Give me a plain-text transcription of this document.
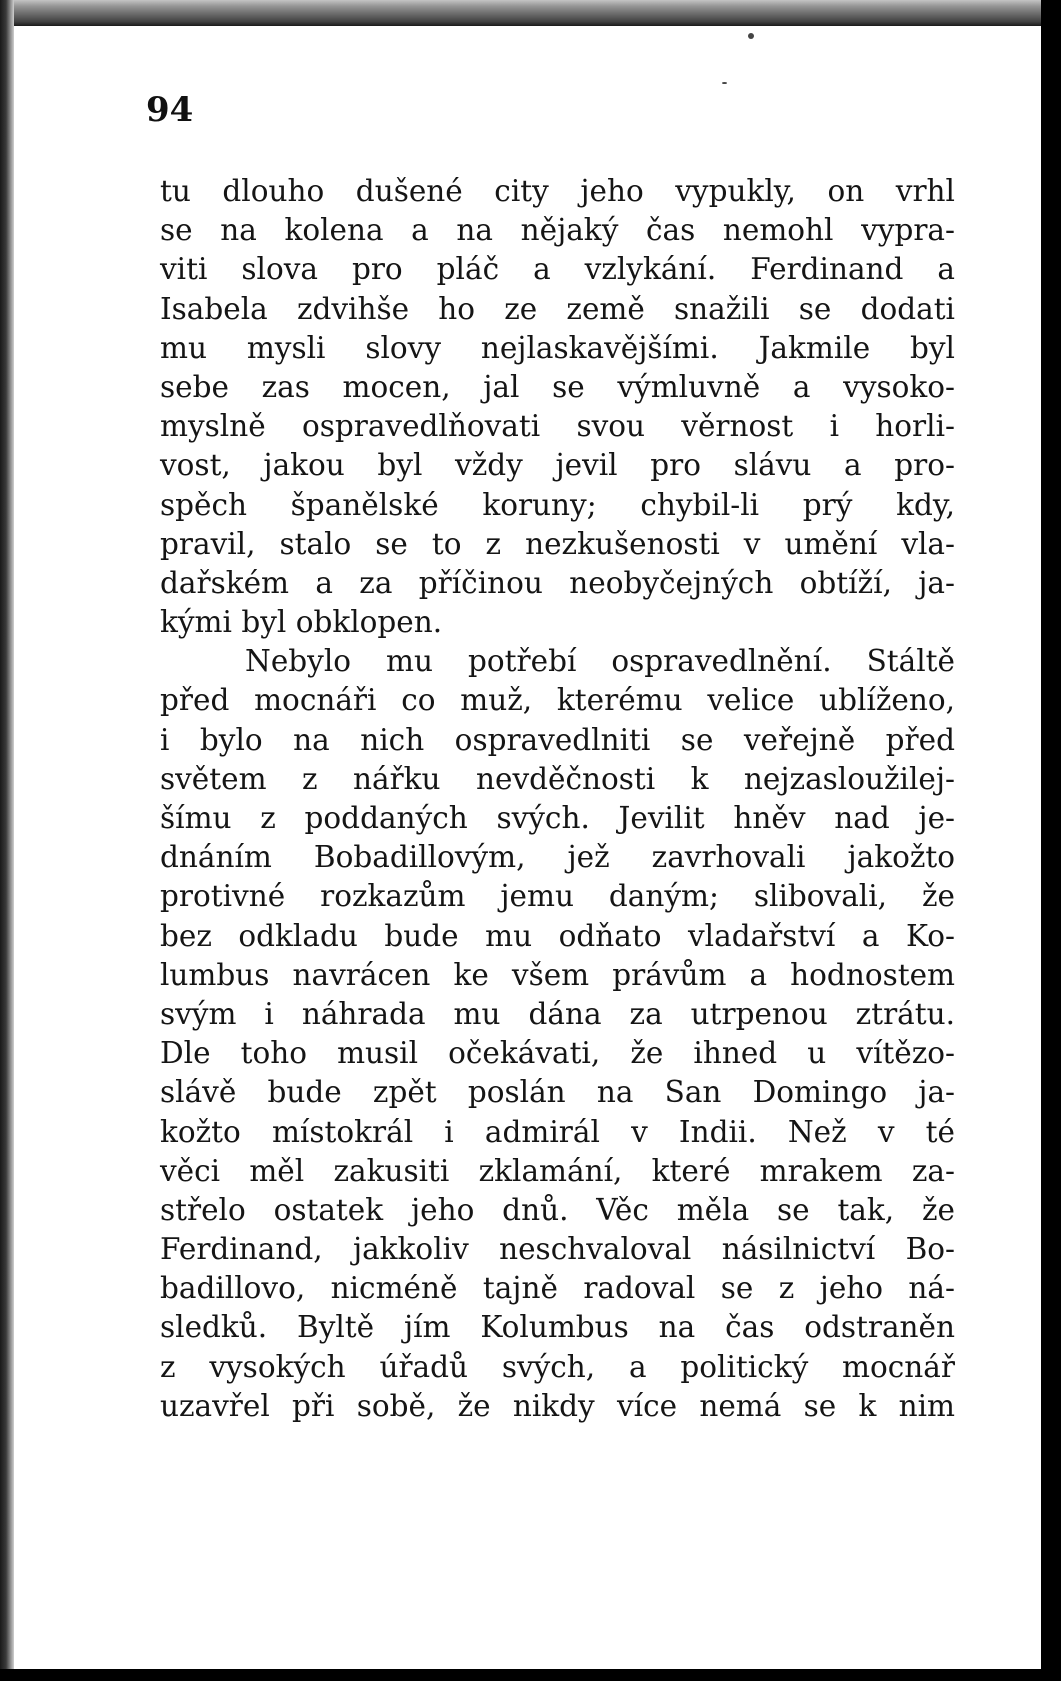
94
tu dlouho dušené city jeho vypukly, on vrhl
se na kolena a na nějaký čas nemohl vypra-
viti slova pro pláč a vzlykání. Ferdinand a
Isabela zdvihše ho ze země snažili se dodati
mu mysli slovy nejlaskavějšími. Jakmile byl
sebe zas mocen, jal se výmluvně a vysoko-
myslně ospravedlňovati svou věrnost i horli-
vost, jakou byl vždy jevil pro slávu a pro-
spěch španělské koruny; chybil-li prý kdy,
pravil, stalo se to z nezkušenosti v umění vla-
dařském a za příčinou neobyčejných obtíží, ja-
kými byl obklopen.
Nebylo mu potřebí ospravedlnění. Stáltě
před mocnáři co muž, kterému velice ublíženo,
i bylo na nich ospravedlniti se veřejně před
světem z nářku nevděčnosti k nejzasloužilej-
šímu z poddaných svých. Jevilit hněv nad je-
dnáním Bobadillovým, jež zavrhovali jakožto
protivné rozkazům jemu daným; slibovali, že
bez odkladu bude mu odňato vladařství a Ko-
lumbus navrácen ke všem právům a hodnostem
svým i náhrada mu dána za utrpenou ztrátu.
Dle toho musil očekávati, že ihned u vítězo-
slávě bude zpět poslán na San Domingo ja-
kožto místokrál i admirál v Indii. Než v té
věci měl zakusiti zklamání, které mrakem za-
střelo ostatek jeho dnů. Věc měla se tak, že
Ferdinand, jakkoliv neschvaloval násilnictví Bo-
badillovo, nicméně tajně radoval se z jeho ná-
sledků. Byltě jím Kolumbus na čas odstraněn
z vysokých úřadů svých, a politický mocnář
uzavřel při sobě, že nikdy více nemá se k nim
